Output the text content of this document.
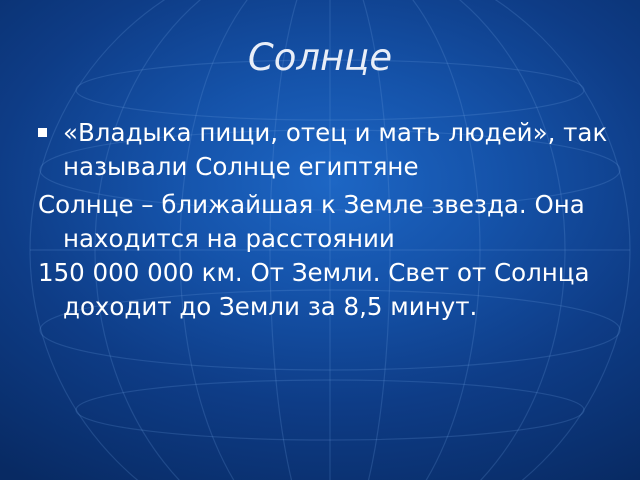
Солнце
«Владыка пищи, отец и мать людей», так называли Солнце египтяне
Солнце – ближайшая к Земле звезда. Она находится на расстоянии
150 000 000 км. От Земли. Свет от Солнца доходит до Земли за 8,5 минут.
